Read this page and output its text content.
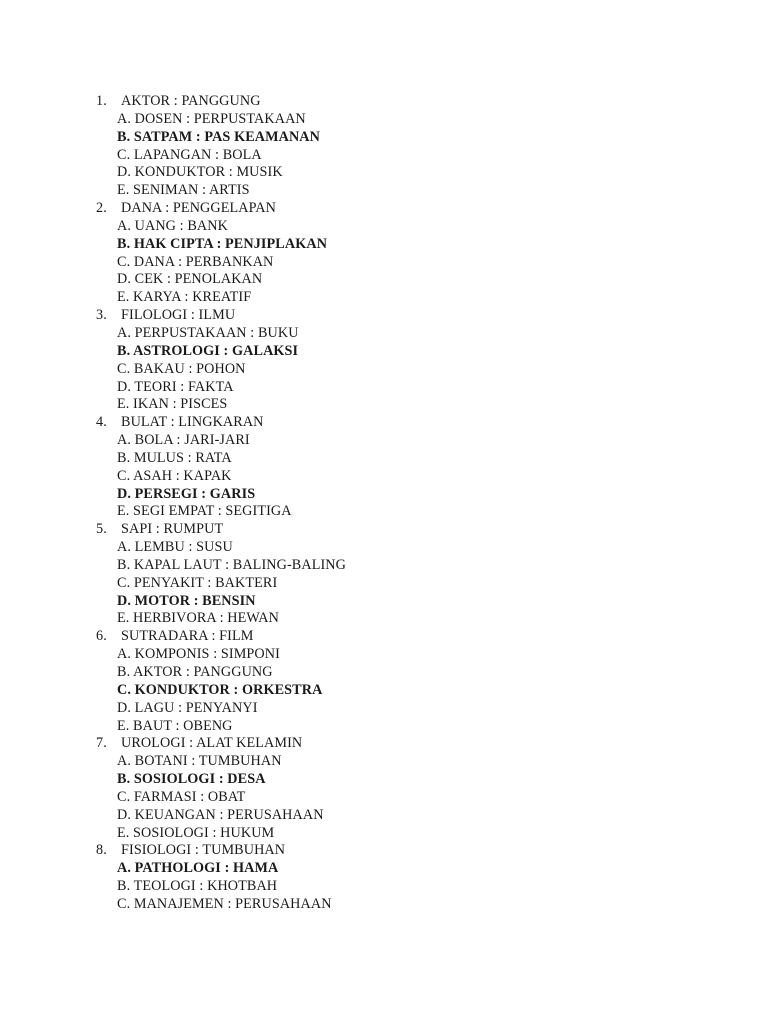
1. AKTOR : PANGGUNG
A. DOSEN : PERPUSTAKAAN
B. SATPAM : PAS KEAMANAN
C. LAPANGAN : BOLA
D. KONDUKTOR : MUSIK
E. SENIMAN : ARTIS
2. DANA : PENGGELAPAN
A. UANG : BANK
B. HAK CIPTA : PENJIPLAKAN
C. DANA : PERBANKAN
D. CEK : PENOLAKAN
E. KARYA : KREATIF
3. FILOLOGI : ILMU
A. PERPUSTAKAAN : BUKU
B. ASTROLOGI : GALAKSI
C. BAKAU : POHON
D. TEORI : FAKTA
E. IKAN : PISCES
4. BULAT : LINGKARAN
A. BOLA : JARI-JARI
B. MULUS : RATA
C. ASAH : KAPAK
D. PERSEGI : GARIS
E. SEGI EMPAT : SEGITIGA
5. SAPI : RUMPUT
A. LEMBU : SUSU
B. KAPAL LAUT : BALING-BALING
C. PENYAKIT : BAKTERI
D. MOTOR : BENSIN
E. HERBIVORA : HEWAN
6. SUTRADARA : FILM
A. KOMPONIS : SIMPONI
B. AKTOR : PANGGUNG
C. KONDUKTOR : ORKESTRA
D. LAGU : PENYANYI
E. BAUT : OBENG
7. UROLOGI : ALAT KELAMIN
A. BOTANI : TUMBUHAN
B. SOSIOLOGI : DESA
C. FARMASI : OBAT
D. KEUANGAN : PERUSAHAAN
E. SOSIOLOGI : HUKUM
8. FISIOLOGI : TUMBUHAN
A. PATHOLOGI : HAMA
B. TEOLOGI : KHOTBAH
C. MANAJEMEN : PERUSAHAAN
